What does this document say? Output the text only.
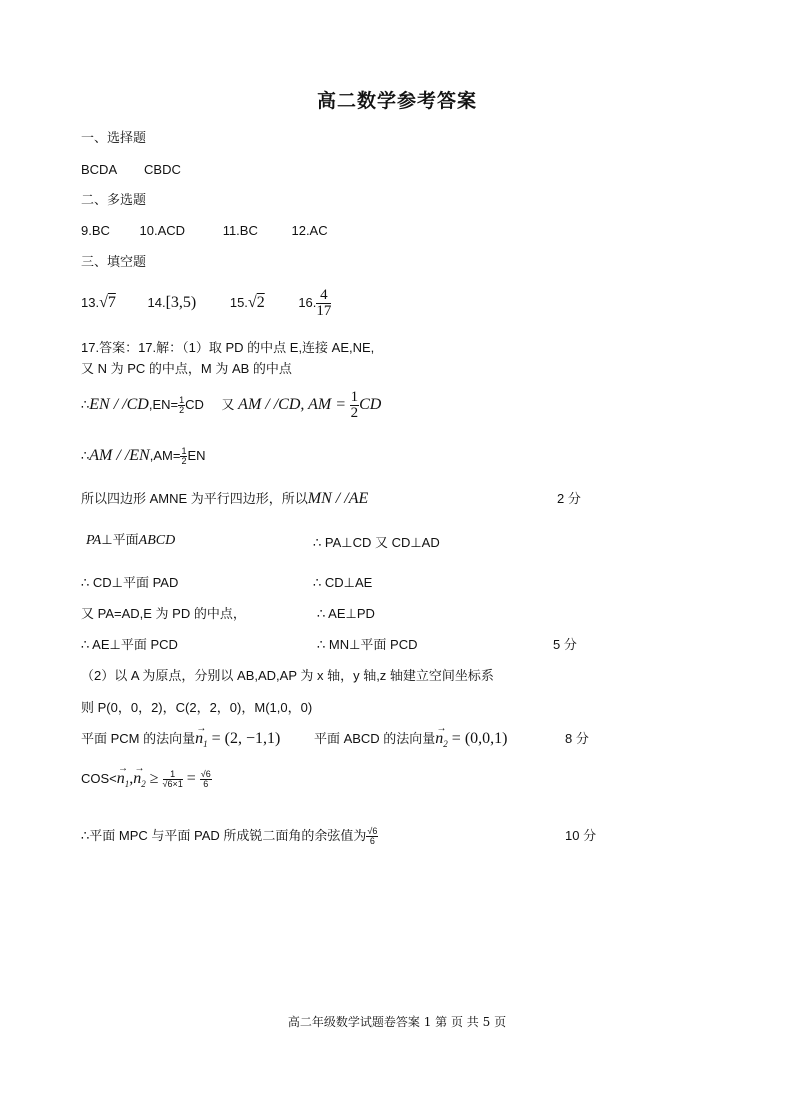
高二数学参考答案
一、选择题
BCDA CBDC
二、多选题
9.BC 10.ACD	11.BC	12.AC
三、填空题
13.√7 14.[3,5)	15.√2	16. $\frac{4}{17}$
17.答案：17.解：（1）取 PD 的中点 E,连接 AE,NE,
又 N 为 PC 的中点，M 为 AB 的中点
∴EN / $/CD,EN= \frac{1}{2}$ CD 又 AM / /CD, AM = $\frac{1}{2}$ CD
∴AM / $/EN,AM= \frac{1}{2}$ EN
所以四边形 AMNE 为平行四边形，所以MN / /AE	2 分
PA⊥平面ABCD	∴ PA⊥CD 又 CD⊥AD
∴ CD⊥平面 PAD	∴ CD⊥AE
又 PA=AD,E 为 PD 的中点，	∴ AE⊥PD
∴ AE⊥平面 PCD	∴ MN⊥平面 PCD	5 分
（2）以 A 为原点，分别以 AB,AD,AP 为 x 轴，y 轴,z 轴建立空间坐标系
则 P(0，0，2)，C(2，2，0)，M(1,0，0)
平面 PCM 的法向量→ $n_1 = (2$, −1,1)	平面 ABCD 的法向量→ $n_2 = (0,0,1)$	8 分
$COS<\to n_1,\to n_2 \ge \frac{1}{√6\times 1} = \frac{√6}{6}$
∴平面 MPC 与平面 PAD 所成锐二面角的余弦值为 $\frac{√6}{6}$	10 分
高二年级数学试题卷答案 1 第 页 共 5 页
